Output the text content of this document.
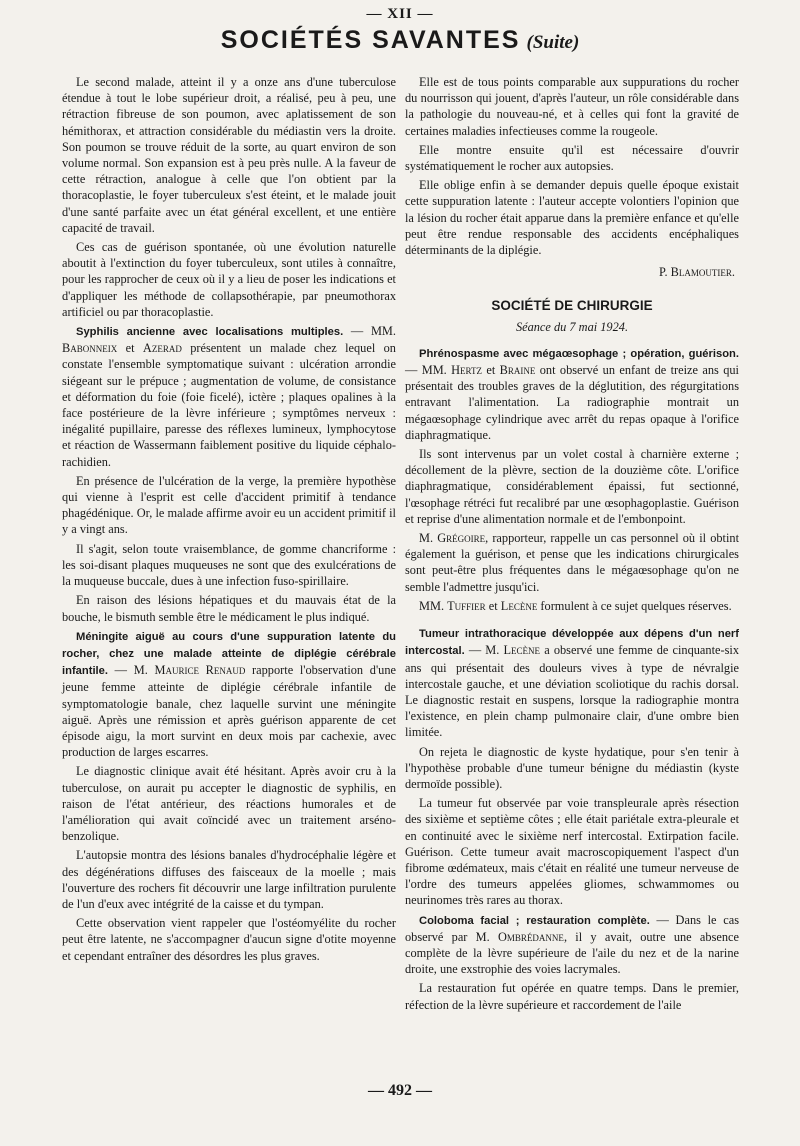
— XII —
SOCIÉTÉS SAVANTES (Suite)

Le second malade, atteint il y a onze ans d'une tuberculose étendue à tout le lobe supérieur droit, a réalisé, peu à peu, une rétraction fibreuse de son poumon, avec aplatissement de son hémithorax, et attraction considérable du médiastin vers la droite. Son poumon se trouve réduit de la sorte, au quart environ de son volume normal. Son expansion est à peu près nulle. A la faveur de cette rétraction, analogue à celle que l'on obtient par la thoracoplastie, le foyer tuberculeux s'est éteint, et le malade jouit d'une santé parfaite avec un état général excellent, et une entière capacité de travail.

Ces cas de guérison spontanée, où une évolution naturelle aboutit à l'extinction du foyer tuberculeux, sont utiles à connaître, pour les rapprocher de ceux où il y a lieu de poser les indications et d'appliquer les méthode de collapsothérapie, par pneumothorax artificiel ou par thoracoplastie.

Syphilis ancienne avec localisations multiples. — MM. Babonneix et Azerad présentent un malade chez lequel on constate l'ensemble symptomatique suivant : ulcération arrondie siégeant sur le prépuce ; augmentation de volume, de consistance et déformation du foie (foie ficelé), ictère ; plaques opalines à la face postérieure de la lèvre inférieure ; symptômes nerveux : inégalité pupillaire, paresse des réflexes lumineux, lymphocytose et réaction de Wassermann faiblement positive du liquide céphalo-rachidien.

En présence de l'ulcération de la verge, la première hypothèse qui vienne à l'esprit est celle d'accident primitif à tendance phagédénique. Or, le malade affirme avoir eu un accident primitif il y a vingt ans.

Il s'agit, selon toute vraisemblance, de gomme chancriforme : les soi-disant plaques muqueuses ne sont que des exulcérations de la muqueuse buccale, dues à une infection fuso-spirillaire.

En raison des lésions hépatiques et du mauvais état de la bouche, le bismuth semble être le médicament le plus indiqué.

Méningite aiguë au cours d'une suppuration latente du rocher, chez une malade atteinte de diplégie cérébrale infantile. — M. Maurice Renaud rapporte l'observation d'une jeune femme atteinte de diplégie cérébrale infantile de symptomatologie banale, chez laquelle survint une méningite aiguë. Après une rémission et après guérison apparente de cet épisode aigu, la mort survint en deux mois par cachexie, avec production de larges escarres.

Le diagnostic clinique avait été hésitant. Après avoir cru à la tuberculose, on aurait pu accepter le diagnostic de syphilis, en raison de l'état antérieur, des réactions humorales et de l'amélioration qui avait coïncidé avec un traitement arséno-benzolique.

L'autopsie montra des lésions banales d'hydrocéphalie légère et des dégénérations diffuses des faisceaux de la moelle ; mais l'ouverture des rochers fit découvrir une large infiltration purulente de l'un d'eux avec intégrité de la caisse et du tympan.

Cette observation vient rappeler que l'ostéomyélite du rocher peut être latente, ne s'accompagner d'aucun signe d'otite moyenne et cependant entraîner des désordres les plus graves.

Elle est de tous points comparable aux suppurations du rocher du nourrisson qui jouent, d'après l'auteur, un rôle considérable dans la pathologie du nouveau-né, et à celles qui font la gravité de certaines maladies infectieuses comme la rougeole.

Elle montre ensuite qu'il est nécessaire d'ouvrir systématiquement le rocher aux autopsies.

Elle oblige enfin à se demander depuis quelle époque existait cette suppuration latente : l'auteur accepte volontiers l'opinion que la lésion du rocher était apparue dans la première enfance et qu'elle peut être rendue responsable des accidents encéphaliques déterminants de la diplégie.

P. Blamoutier.
SOCIÉTÉ DE CHIRURGIE
Séance du 7 mai 1924.

Phrénospasme avec mégaœsophage ; opération, guérison. — MM. Hertz et Braine ont observé un enfant de treize ans qui présentait des troubles graves de la déglutition, des régurgitations entravant l'alimentation. La radiographie montrait un mégaœsophage cylindrique avec arrêt du repas opaque à l'orifice diaphragmatique.

Ils sont intervenus par un volet costal à charnière externe ; décollement de la plèvre, section de la douzième côte. L'orifice diaphragmatique, considérablement épaissi, fut sectionné, l'œsophage rétréci fut recalibré par une œsophagoplastie. Guérison et reprise d'une alimentation normale et de l'embonpoint.

M. Grégoire, rapporteur, rappelle un cas personnel où il obtint également la guérison, et pense que les indications chirurgicales sont peut-être plus fréquentes dans le mégaœsophage qu'on ne semble l'admettre jusqu'ici.

MM. Tuffier et Lecène formulent à ce sujet quelques réserves.

Tumeur intrathoracique développée aux dépens d'un nerf intercostal. — M. Lecène a observé une femme de cinquante-six ans qui présentait des douleurs vives à type de névralgie intercostale gauche, et une déviation scoliotique du rachis dorsal. Le diagnostic restait en suspens, lorsque la radiographie montra l'existence, en plein champ pulmonaire clair, d'une ombre bien limitée.

On rejeta le diagnostic de kyste hydatique, pour s'en tenir à l'hypothèse probable d'une tumeur bénigne du médiastin (kyste dermoïde possible).

La tumeur fut observée par voie transpleurale après résection des sixième et septième côtes ; elle était pariétale extra-pleurale et en continuité avec le sixième nerf intercostal. Extirpation facile. Guérison. Cette tumeur avait macroscopiquement l'aspect d'un fibrome œdémateux, mais c'était en réalité une tumeur nerveuse de l'ordre des tumeurs appelées gliomes, schwammomes ou neurinomes très rares au thorax.

Coloboma facial ; restauration complète. — Dans le cas observé par M. Ombrédanne, il y avait, outre une absence complète de la lèvre supérieure de l'aile du nez et de la narine droite, une exstrophie des voies lacrymales.

La restauration fut opérée en quatre temps. Dans le premier, réfection de la lèvre supérieure et raccordement de l'aile

— 492 —
